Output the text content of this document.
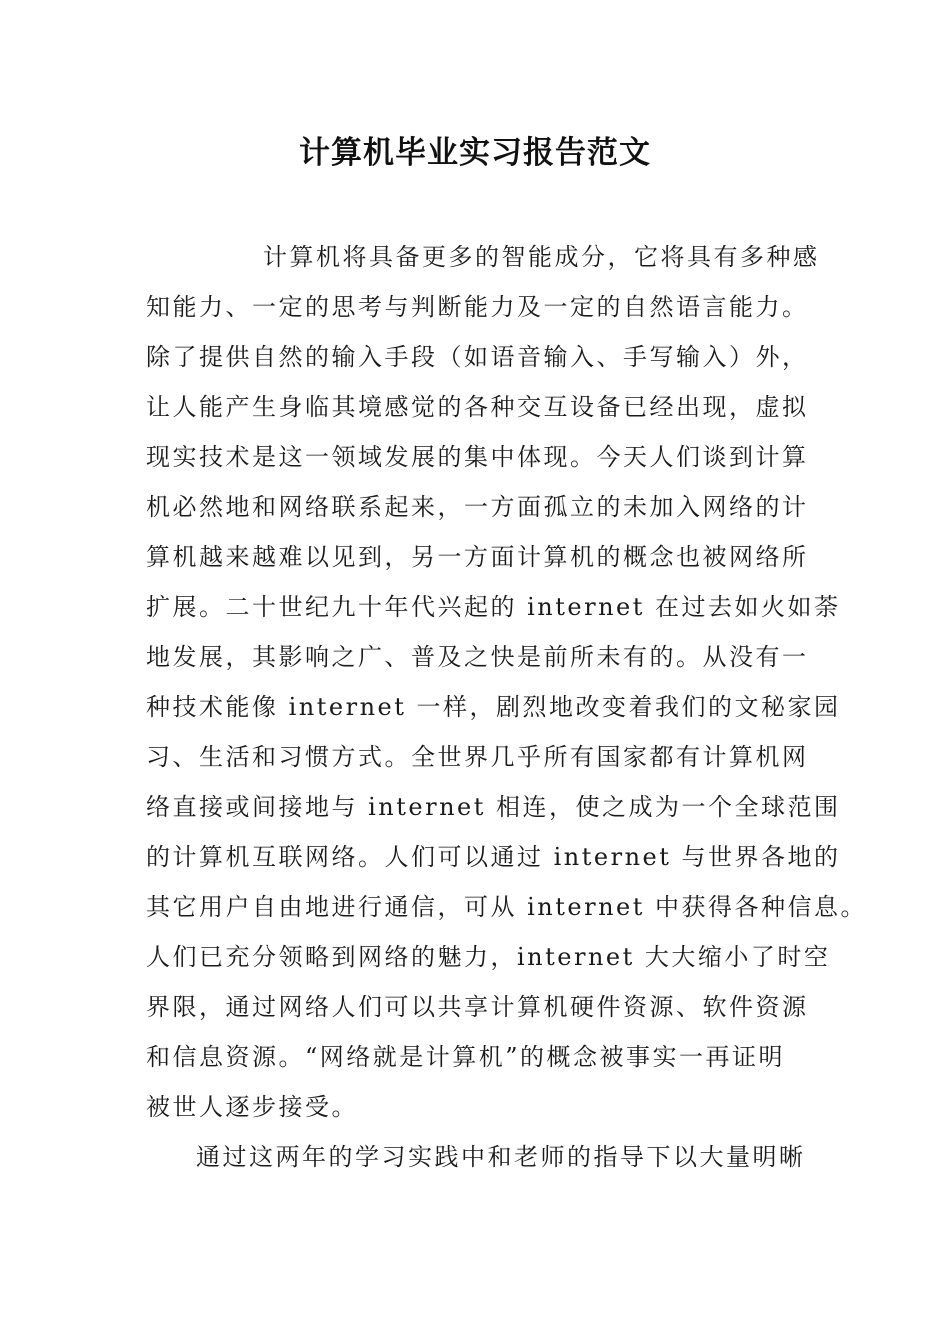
计算机毕业实习报告范文
计算机将具备更多的智能成分，它将具有多种感
知能力、一定的思考与判断能力及一定的自然语言能力。
除了提供自然的输入手段（如语音输入、手写输入）外，
让人能产生身临其境感觉的各种交互设备已经出现，虚拟
现实技术是这一领域发展的集中体现。今天人们谈到计算
机必然地和网络联系起来，一方面孤立的未加入网络的计
算机越来越难以见到，另一方面计算机的概念也被网络所
扩展。二十世纪九十年代兴起的 internet 在过去如火如荼
地发展，其影响之广、普及之快是前所未有的。从没有一
种技术能像 internet 一样，剧烈地改变着我们的文秘家园
习、生活和习惯方式。全世界几乎所有国家都有计算机网
络直接或间接地与 internet 相连，使之成为一个全球范围
的计算机互联网络。人们可以通过 internet 与世界各地的
其它用户自由地进行通信，可从 internet 中获得各种信息。
人们已充分领略到网络的魅力，internet 大大缩小了时空
界限，通过网络人们可以共享计算机硬件资源、软件资源
和信息资源。“网络就是计算机”的概念被事实一再证明
被世人逐步接受。
通过这两年的学习实践中和老师的指导下以大量明晰
